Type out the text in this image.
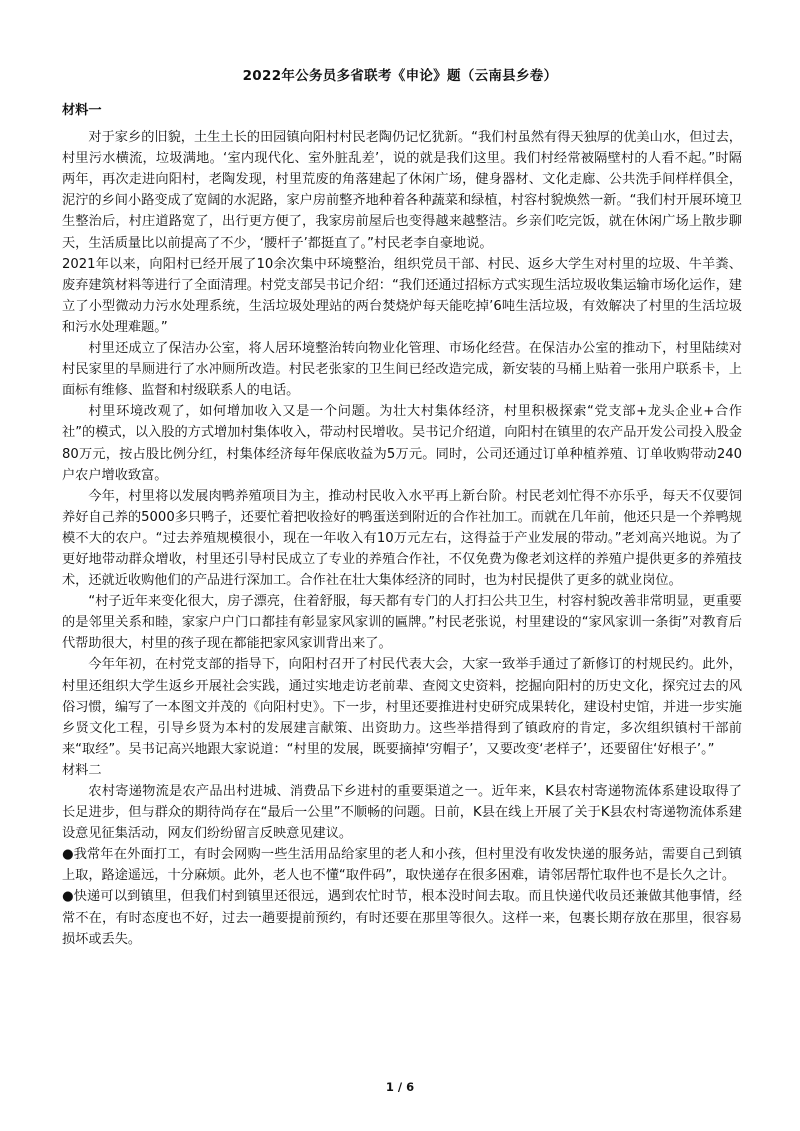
2022年公务员多省联考《申论》题（云南县乡卷）

材料一

对于家乡的旧貌，土生土长的田园镇向阳村村民老陶仍记忆犹新。“我们村虽然有得天独厚的优美山水，但过去，村里污水横流，垃圾满地。‘室内现代化、室外脏乱差’，说的就是我们这里。我们村经常被隔壁村的人看不起。”时隔两年，再次走进向阳村，老陶发现，村里荒废的角落建起了休闲广场，健身器材、文化走廊、公共洗手间样样俱全，泥泞的乡间小路变成了宽阔的水泥路，家户房前整齐地种着各种蔬菜和绿植，村容村貌焕然一新。“我们村开展环境卫生整治后，村庄道路宽了，出行更方便了，我家房前屋后也变得越来越整洁。乡亲们吃完饭，就在休闲广场上散步聊天，生活质量比以前提高了不少，‘腰杆子’都挺直了。”村民老李自豪地说。

2021年以来，向阳村已经开展了10余次集中环境整治，组织党员干部、村民、返乡大学生对村里的垃圾、牛羊粪、废弃建筑材料等进行了全面清理。村党支部吴书记介绍：“我们还通过招标方式实现生活垃圾收集运输市场化运作，建立了小型微动力污水处理系统，生活垃圾处理站的两台焚烧炉每天能吃掉’6吨生活垃圾，有效解决了村里的生活垃圾和污水处理难题。”

村里还成立了保洁办公室，将人居环境整治转向物业化管理、市场化经营。在保洁办公室的推动下，村里陆续对村民家里的旱厕进行了水冲厕所改造。村民老张家的卫生间已经改造完成，新安装的马桶上贴着一张用户联系卡，上面标有维修、监督和村级联系人的电话。

村里环境改观了，如何增加收入又是一个问题。为壮大村集体经济，村里积极探索“党支部+龙头企业+合作社”的模式，以入股的方式增加村集体收入，带动村民增收。吴书记介绍道，向阳村在镇里的农产品开发公司投入股金80万元，按占股比例分红，村集体经济每年保底收益为5万元。同时，公司还通过订单种植养殖、订单收购带动240户农户增收致富。

今年，村里将以发展肉鸭养殖项目为主，推动村民收入水平再上新台阶。村民老刘忙得不亦乐乎，每天不仅要饲养好自己养的5000多只鸭子，还要忙着把收捡好的鸭蛋送到附近的合作社加工。而就在几年前，他还只是一个养鸭规模不大的农户。“过去养殖规模很小，现在一年收入有10万元左右，这得益于产业发展的带动。”老刘高兴地说。为了更好地带动群众增收，村里还引导村民成立了专业的养殖合作社，不仅免费为像老刘这样的养殖户提供更多的养殖技术，还就近收购他们的产品进行深加工。合作社在壮大集体经济的同时，也为村民提供了更多的就业岗位。

“村子近年来变化很大，房子漂亮，住着舒服，每天都有专门的人打扫公共卫生，村容村貌改善非常明显，更重要的是邻里关系和睦，家家户户门口都挂有彰显家风家训的匾牌。”村民老张说，村里建设的“家风家训一条街”对教育后代帮助很大，村里的孩子现在都能把家风家训背出来了。

今年年初，在村党支部的指导下，向阳村召开了村民代表大会，大家一致举手通过了新修订的村规民约。此外，村里还组织大学生返乡开展社会实践，通过实地走访老前辈、查阅文史资料，挖掘向阳村的历史文化，探究过去的风俗习惯，编写了一本图文并茂的《向阳村史》。下一步，村里还要推进村史研究成果转化，建设村史馆，并进一步实施乡贤文化工程，引导乡贤为本村的发展建言献策、出资助力。这些举措得到了镇政府的肯定，多次组织镇村干部前来“取经”。吴书记高兴地跟大家说道：“村里的发展，既要摘掉‘穷帽子’，又要改变‘老样子’，还要留住‘好根子’。”

材料二

农村寄递物流是农产品出村进城、消费品下乡进村的重要渠道之一。近年来，K县农村寄递物流体系建设取得了长足进步，但与群众的期待尚存在“最后一公里”不顺畅的问题。日前，K县在线上开展了关于K县农村寄递物流体系建设意见征集活动，网友们纷纷留言反映意见建议。

●我常年在外面打工，有时会网购一些生活用品给家里的老人和小孩，但村里没有收发快递的服务站，需要自己到镇上取，路途遥远，十分麻烦。此外，老人也不懂“取件码”，取快递存在很多困难，请邻居帮忙取件也不是长久之计。

●快递可以到镇里，但我们村到镇里还很远，遇到农忙时节，根本没时间去取。而且快递代收员还兼做其他事情，经常不在，有时态度也不好，过去一趟要提前预约，有时还要在那里等很久。这样一来，包裹长期存放在那里，很容易损坏或丢失。

1 / 6
